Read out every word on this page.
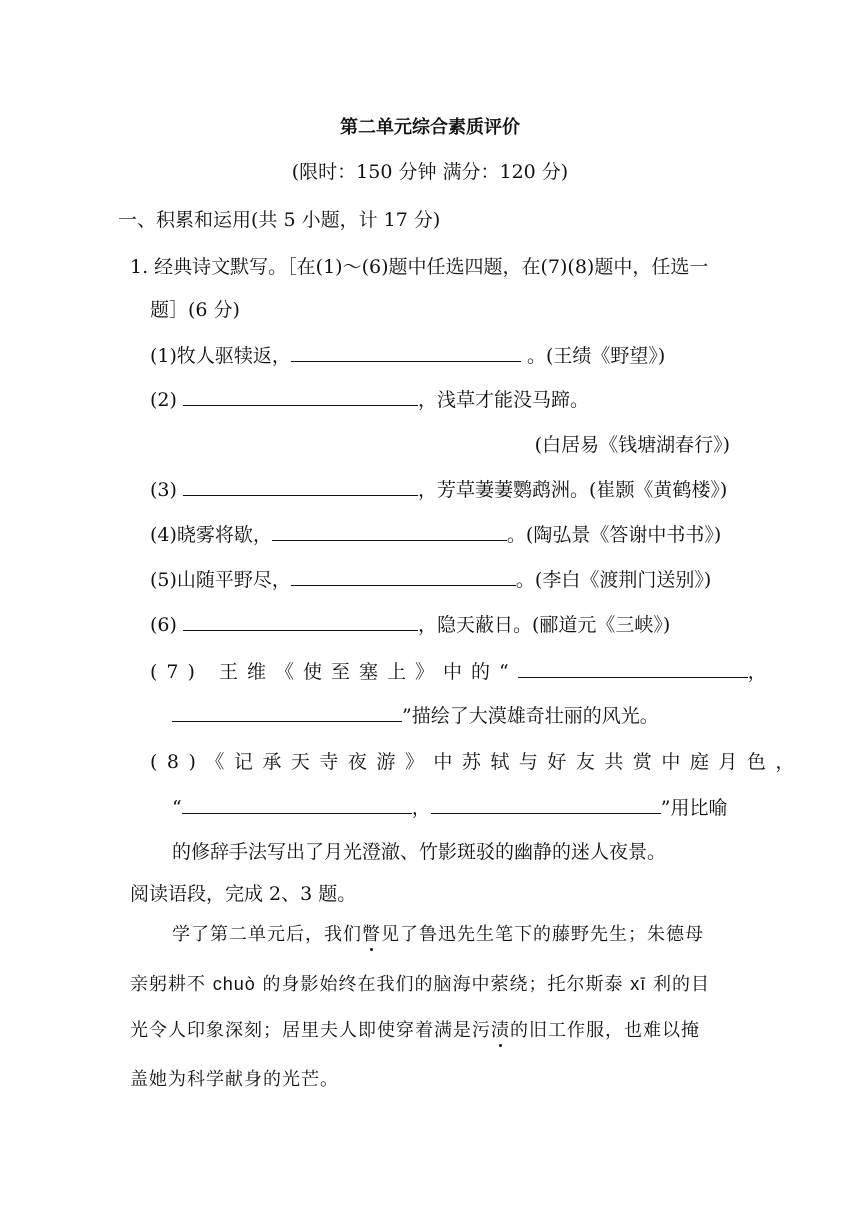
第二单元综合素质评价
(限时：150 分钟 满分：120 分)
一、积累和运用(共 5 小题，计 17 分)
1. 经典诗文默写。［在(1)～(6)题中任选四题，在(7)(8)题中，任选一
题］(6 分)
(1)牧人驱犊返，	。(王绩《野望》)
(2)	，浅草才能没马蹄。
(白居易《钱塘湖春行》)
(3)	，芳草萋萋鹦鹉洲。(崔颢《黄鹤楼》)
(4)晓雾将歇，	。(陶弘景《答谢中书书》)
(5)山随平野尽，	。(李白《渡荆门送别》)
(6)	，隐天蔽日。(郦道元《三峡》)
(7) 王维《使至塞上》中的“	，
”描绘了大漠雄奇壮丽的风光。
(8)《记承天寺夜游》中苏轼与好友共赏中庭月色，
“	，	”用比喻
的修辞手法写出了月光澄澈、竹影斑驳的幽静的迷人夜景。
阅读语段，完成 2、3 题。
学了第二单元后，我们瞥见了鲁迅先生笔下的藤野先生；朱德母
亲躬耕不 chuò 的身影始终在我们的脑海中萦绕；托尔斯泰 xī 利的目
光令人印象深刻；居里夫人即使穿着满是污渍的旧工作服，也难以掩
盖她为科学献身的光芒。
